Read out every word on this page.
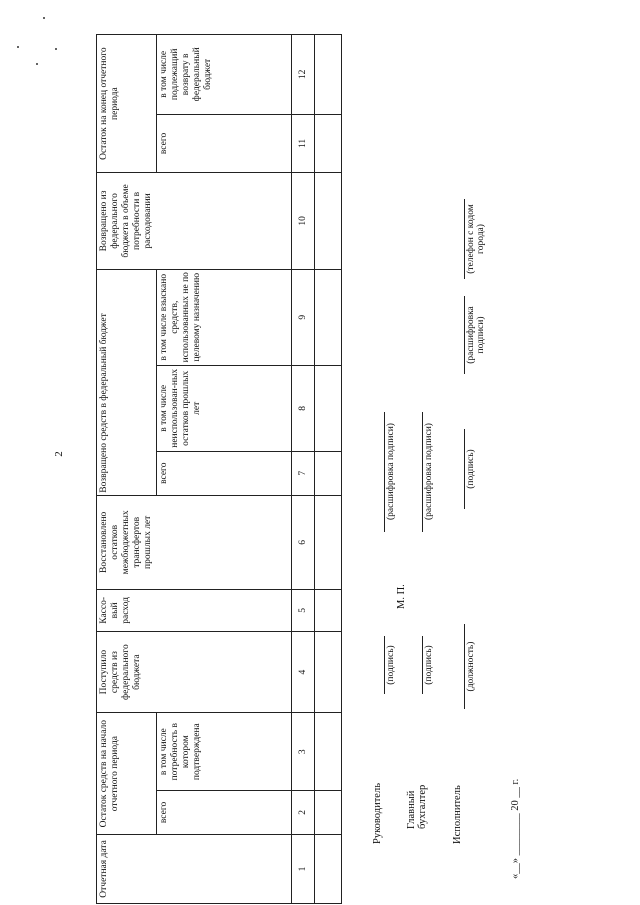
2
Отчетная дата	Остаток средств на начало отчетного периода		Поступило средств из федерального бюджета	Кассо-вый расход	Восстановлено остатков межбюджетных трансфертов прошлых лет	Возвращено средств в федеральный бюджет			Возвращено из федерального бюджета в объеме потребности в расходовании	Остаток на конец отчетного периода	
	всего	в том числе потребность в котором подтверждена				всего	в том числе неиспользован-ных остатков прошлых лет	в том числе взыскано средств, использованных не по целевому назначению		всего	в том числе подлежащий возврату в федеральный бюджет
1	2	3	4	5	6	7	8	9	10	11	12

Руководитель
(подпись)
(расшифровка подписи)
М. П.
Главный бухгалтер
(подпись)
(расшифровка подписи)
Исполнитель
(должность)
(подпись)
(расшифровка подписи)
(телефон с кодом города)
«__» ________ 20 __ г.
